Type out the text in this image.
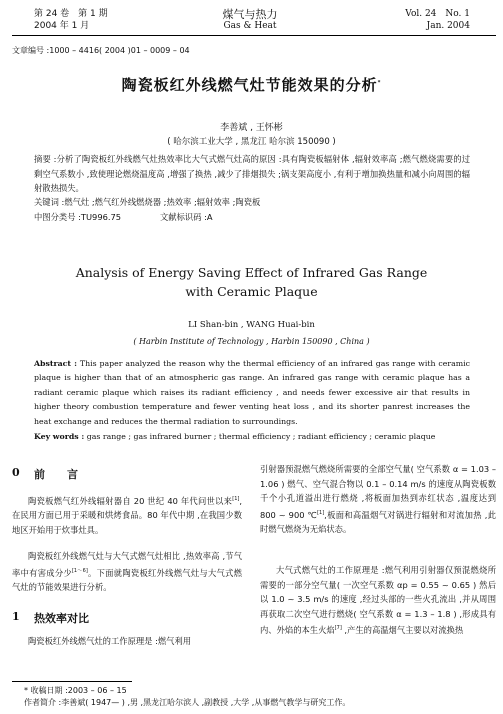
第 24 卷　第 1 期
2004 年 1 月
煤气与热力
Gas & Heat
Vol. 24　No. 1
Jan. 2004
文章编号 :1000 – 4416( 2004 )01 – 0009 – 04
陶瓷板红外线燃气灶节能效果的分析*
李善斌 , 王怀彬
( 哈尔滨工业大学 , 黑龙江 哈尔滨 150090 )
摘要 :分析了陶瓷板红外线燃气灶热效率比大气式燃气灶高的原因 :具有陶瓷板辐射体 ,辐射效率高 ;燃气燃烧需要的过剩空气系数小 ,致使理论燃烧温度高 ,增强了换热 ,减少了排烟损失 ;锅支架高度小 ,有利于增加换热量和减小向周围的辐射散热损失。
关键词 :燃气灶 ;燃气红外线燃烧器 ;热效率 ;辐射效率 ;陶瓷板
中图分类号 :TU996.75	文献标识码 :A
Analysis of Energy Saving Effect of Infrared Gas Range
with Ceramic Plaque
LI Shan-bin , WANG Huai-bin
( Harbin Institute of Technology , Harbin 150090 , China )
Abstract : This paper analyzed the reason why the thermal efficiency of an infrared gas range with ceramic plaque is higher than that of an atmospheric gas range. An infrared gas range with ceramic plaque has a radiant ceramic plaque which raises its radiant efficiency , and needs fewer excessive air that results in higher theory combustion temperature and fewer venting heat loss , and its shorter panrest increases the heat exchange and reduces the thermal radiation to surroundings.
Key words : gas range ; gas infrared burner ; thermal efficiency ; radiant efficiency ; ceramic plaque
0 前　　言
陶瓷板燃气红外线辐射器自 20 世纪 40 年代问世以来[1],在民用方面已用于采暖和烘烤食品。80 年代中期 ,在我国少数地区开始用于炊事灶具。
陶瓷板红外线燃气灶与大气式燃气灶相比 ,热效率高 ,节气率中有害成分少[1～6]。下面就陶瓷板红外线燃气灶与大气式燃气灶的节能效果进行分析。
1 热效率对比
陶瓷板红外线燃气灶的工作原理是 :燃气利用
引射器预混燃气燃烧所需要的全部空气量( 空气系数 α = 1.03 – 1.06 ) 燃气、空气混合物以 0.1 – 0.14 m/s 的速度从陶瓷板数千个小孔道溢出进行燃烧 ,将板面加热到赤红状态 ,温度达到 800 ~ 900 ℃[1],板面和高温烟气对锅进行辐射和对流加热 ,此时燃气燃烧为无焰状态。
大气式燃气灶的工作原理是 :燃气利用引射器仅预混燃烧所需要的一部分空气量( 一次空气系数 αp = 0.55 ~ 0.65 ) 然后以 1.0 ~ 3.5 m/s 的速度 ,经过头部的一些火孔流出 ,并从周围再获取二次空气进行燃烧( 空气系数 α = 1.3 – 1.8 ) ,形成具有内、外焰的本生火焰[7] ,产生的高温烟气主要以对流换热
* 收稿日期 :2003 – 06 – 15
作者简介 :李善斌( 1947— ) ,男 ,黑龙江哈尔滨人 ,副教授 ,大学 ,从事燃气教学与研究工作。
